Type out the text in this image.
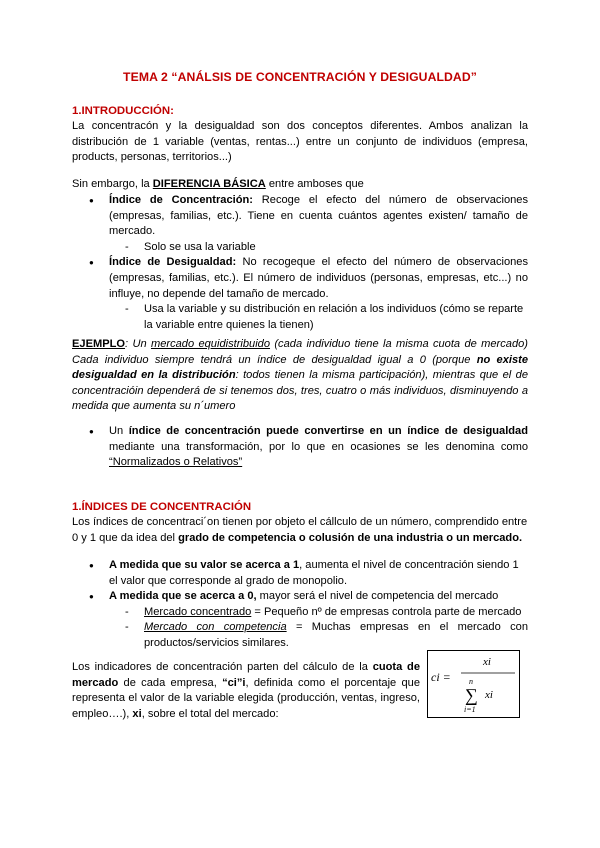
TEMA 2 “ANÁLSIS DE CONCENTRACIÓN Y DESIGUALDAD”
1.INTRODUCCIÓN:

La concentracón y la desigualdad son dos conceptos diferentes. Ambos analizan la distribución de 1 variable (ventas, rentas...) entre un conjunto de individuos (empresa, products, personas, territorios...)

Sin embargo, la DIFERENCIA BÁSICA entre amboses que

● Índice de Concentración: Recoge el efecto del número de observaciones (empresas, familias, etc.). Tiene en cuenta cuántos agentes existen/ tamaño de mercado.
- Solo se usa la variable
● Índice de Desigualdad: No recogeque el efecto del número de observaciones (empresas, familias, etc.). El número de individuos (personas, empresas, etc...) no influye, no depende del tamaño de mercado.
- Usa la variable y su distribución en relación a los individuos (cómo se reparte la variable entre quienes la tienen)

EJEMPLO: Un mercado equidistribuido (cada individuo tiene la misma cuota de mercado) Cada individuo siempre tendrá un índice de desigualdad igual a 0 (porque no existe desigualdad en la distribución: todos tienen la misma participación), mientras que el de concentracióin dependerá de si tenemos dos, tres, cuatro o más individuos, disminuyendo a medida que aumenta su n´umero

● Un índice de concentración puede convertirse en un índice de desigualdad mediante una transformación, por lo que en ocasiones se les denomina como “Normalizados o Relativos”
1.ÍNDICES DE CONCENTRACIÓN

Los índices de concentraci´on tienen por objeto el cállculo de un número, comprendido entre 0 y 1 que da idea del grado de competencia o colusión de una industria o un mercado.

● A medida que su valor se acerca a 1, aumenta el nivel de concentración siendo 1 el valor que corresponde al grado de monopolio.
● A medida que se acerca a 0, mayor será el nivel de competencia del mercado
- Mercado concentrado = Pequeño nº de empresas controla parte de mercado
- Mercado con competencia = Muchas empresas en el mercado con productos/servicios similares.

Los indicadores de concentración parten del cálculo de la cuota de mercado de cada empresa, “ci”i, definida como el porcentaje que representa el valor de la variable elegida (producción, ventas, ingreso, empleo….), xi, sobre el total del mercado:

ci =
xi
n
∑
i=1
xi
